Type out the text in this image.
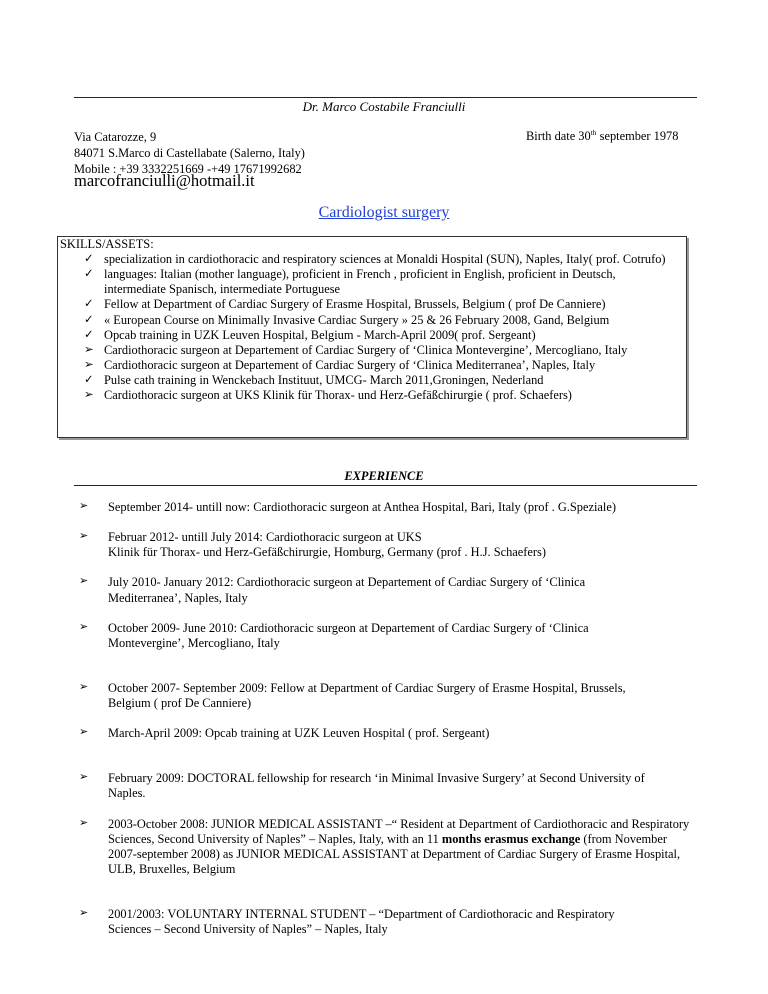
Dr. Marco Costabile Franciulli
Via Catarozze, 9
84071 S.Marco di Castellabate (Salerno, Italy)
Mobile : +39 3332251669 -+49 17671992682
Birth date 30th september 1978
marcofranciulli@hotmail.it
Cardiologist surgery
SKILLS/ASSETS:
✓ specialization in cardiothoracic and respiratory sciences at Monaldi Hospital (SUN), Naples, Italy( prof. Cotrufo)
✓ languages: Italian (mother language), proficient in French , proficient in English, proficient in Deutsch, intermediate Spanisch, intermediate Portuguese
✓ Fellow at Department of Cardiac Surgery of Erasme Hospital, Brussels, Belgium ( prof De Canniere)
✓ « European Course on Minimally Invasive Cardiac Surgery » 25 & 26 February 2008, Gand, Belgium
✓ Opcab training in UZK Leuven Hospital, Belgium - March-April 2009( prof. Sergeant)
➢ Cardiothoracic surgeon at Departement of Cardiac Surgery of ‘Clinica Montevergine’, Mercogliano, Italy
➢ Cardiothoracic surgeon at Departement of Cardiac Surgery of ‘Clinica Mediterranea’, Naples, Italy
✓ Pulse cath training in Wenckebach Instituut, UMCG- March 2011,Groningen, Nederland
➢ Cardiothoracic surgeon at UKS Klinik für Thorax- und Herz-Gefäßchirurgie ( prof. Schaefers)
EXPERIENCE
➢ September 2014- untill now: Cardiothoracic surgeon at Anthea Hospital, Bari, Italy (prof . G.Speziale)
➢ Februar 2012- untill July 2014: Cardiothoracic surgeon at UKS
Klinik für Thorax- und Herz-Gefäßchirurgie, Homburg, Germany (prof . H.J. Schaefers)
➢ July 2010- January 2012: Cardiothoracic surgeon at Departement of Cardiac Surgery of ‘Clinica
Mediterranea’, Naples, Italy
➢ October 2009- June 2010: Cardiothoracic surgeon at Departement of Cardiac Surgery of ‘Clinica
Montevergine’, Mercogliano, Italy
➢ October 2007- September 2009: Fellow at Department of Cardiac Surgery of Erasme Hospital, Brussels,
Belgium ( prof De Canniere)
➢ March-April 2009: Opcab training at UZK Leuven Hospital ( prof. Sergeant)
➢ February 2009: DOCTORAL fellowship for research ‘in Minimal Invasive Surgery’ at Second University of
Naples.
➢ 2003-October 2008: JUNIOR MEDICAL ASSISTANT –“ Resident at Department of Cardiothoracic and Respiratory Sciences, Second University of Naples” – Naples, Italy, with an 11 months erasmus exchange (from November 2007-september 2008) as JUNIOR MEDICAL ASSISTANT at Department of Cardiac Surgery of Erasme Hospital, ULB, Bruxelles, Belgium
➢ 2001/2003: VOLUNTARY INTERNAL STUDENT – “Department of Cardiothoracic and Respiratory
Sciences – Second University of Naples” – Naples, Italy
